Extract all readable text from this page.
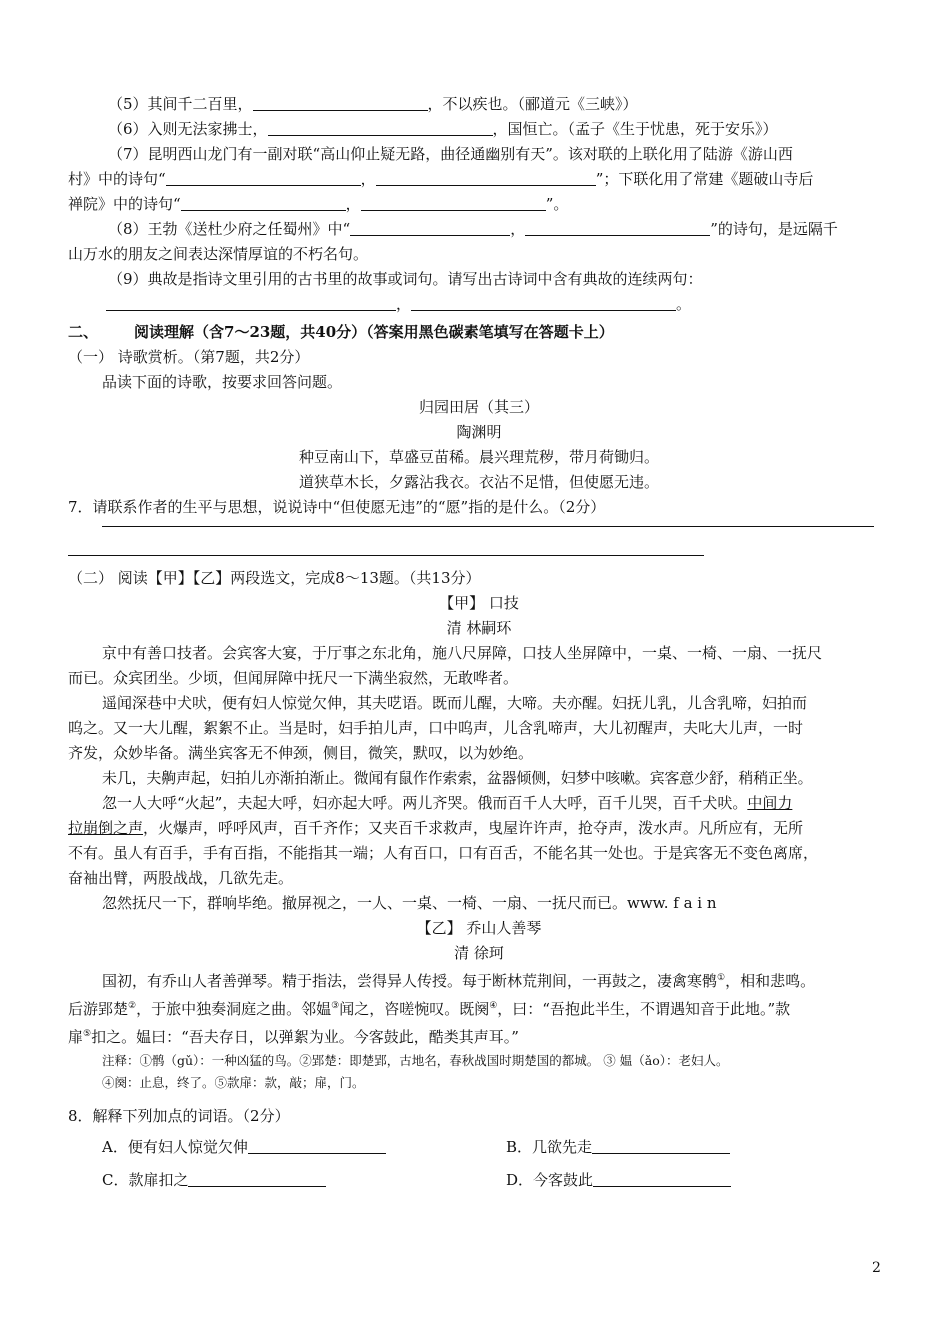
（5）其间千二百里，	，不以疾也。（郦道元《三峡》）
（6）入则无法家拂士，	，国恒亡。（孟子《生于忧患，死于安乐》）
（7）昆明西山龙门有一副对联“高山仰止疑无路，曲径通幽别有天”。该对联的上联化用了陆游《游山西
村》中的诗句“	，	”；下联化用了常建《题破山寺后
禅院》中的诗句“	，	”。
（8）王勃《送杜少府之任蜀州》中“	，	”的诗句，是远隔千
山万水的朋友之间表达深情厚谊的不朽名句。
（9）典故是指诗文里引用的古书里的故事或词句。请写出古诗词中含有典故的连续两句：
，	。
二、 阅读理解（含7～23题，共40分）（答案用黑色碳素笔填写在答题卡上）
（一） 诗歌赏析。（第7题，共2分）
品读下面的诗歌，按要求回答问题。
归园田居（其三）
陶渊明
种豆南山下，草盛豆苗稀。晨兴理荒秽，带月荷锄归。
道狭草木长，夕露沾我衣。衣沾不足惜，但使愿无违。
7．请联系作者的生平与思想，说说诗中“但使愿无违”的“愿”指的是什么。（2分）
（二） 阅读【甲】【乙】两段选文，完成8～13题。（共13分）
【甲】 口技
清 林嗣环
京中有善口技者。会宾客大宴，于厅事之东北角，施八尺屏障，口技人坐屏障中，一桌、一椅、一扇、一抚尺
而已。众宾团坐。少顷，但闻屏障中抚尺一下满坐寂然，无敢哗者。
遥闻深巷中犬吠，便有妇人惊觉欠伸，其夫呓语。既而儿醒，大啼。夫亦醒。妇抚儿乳，儿含乳啼，妇拍而
呜之。又一大儿醒，絮絮不止。当是时，妇手拍儿声，口中呜声，儿含乳啼声，大儿初醒声，夫叱大儿声，一时
齐发，众妙毕备。满坐宾客无不伸颈，侧目，微笑，默叹，以为妙绝。
未几，夫齁声起，妇拍儿亦渐拍渐止。微闻有鼠作作索索，盆器倾侧，妇梦中咳嗽。宾客意少舒，稍稍正坐。
忽一人大呼“火起”，夫起大呼，妇亦起大呼。两儿齐哭。俄而百千人大呼，百千儿哭，百千犬吠。中间力
拉崩倒之声，火爆声，呼呼风声，百千齐作；又夹百千求救声，曳屋许许声，抢夺声，泼水声。凡所应有，无所
不有。虽人有百手，手有百指，不能指其一端；人有百口，口有百舌，不能名其一处也。于是宾客无不变色离席，
奋袖出臂，两股战战，几欲先走。
忽然抚尺一下，群响毕绝。撤屏视之，一人、一桌、一椅、一扇、一抚尺而已。www. f a i n
【乙】 乔山人善琴
清 徐珂
国初，有乔山人者善弹琴。精于指法，尝得异人传授。每于断林荒荆间，一再鼓之，凄禽寒鹘①，相和悲鸣。
后游郢楚②，于旅中独奏洞庭之曲。邻媪③闻之，咨嗟惋叹。既阕④，曰：“吾抱此半生，不谓遇知音于此地。”款
扉⑤扣之。媪曰：“吾夫存日，以弹絮为业。今客鼓此，酷类其声耳。”
注释：①鹘（gǔ）：一种凶猛的鸟。②郢楚：即楚郢，古地名，春秋战国时期楚国的都城。 ③ 媪（ǎo）：老妇人。
④阕：止息，终了。⑤款扉：款，敲；扉，门。
8．解释下列加点的词语。（2分）
A．便有妇人惊觉欠伸	B．几欲先走
C．款扉扣之	D．今客鼓此
2
